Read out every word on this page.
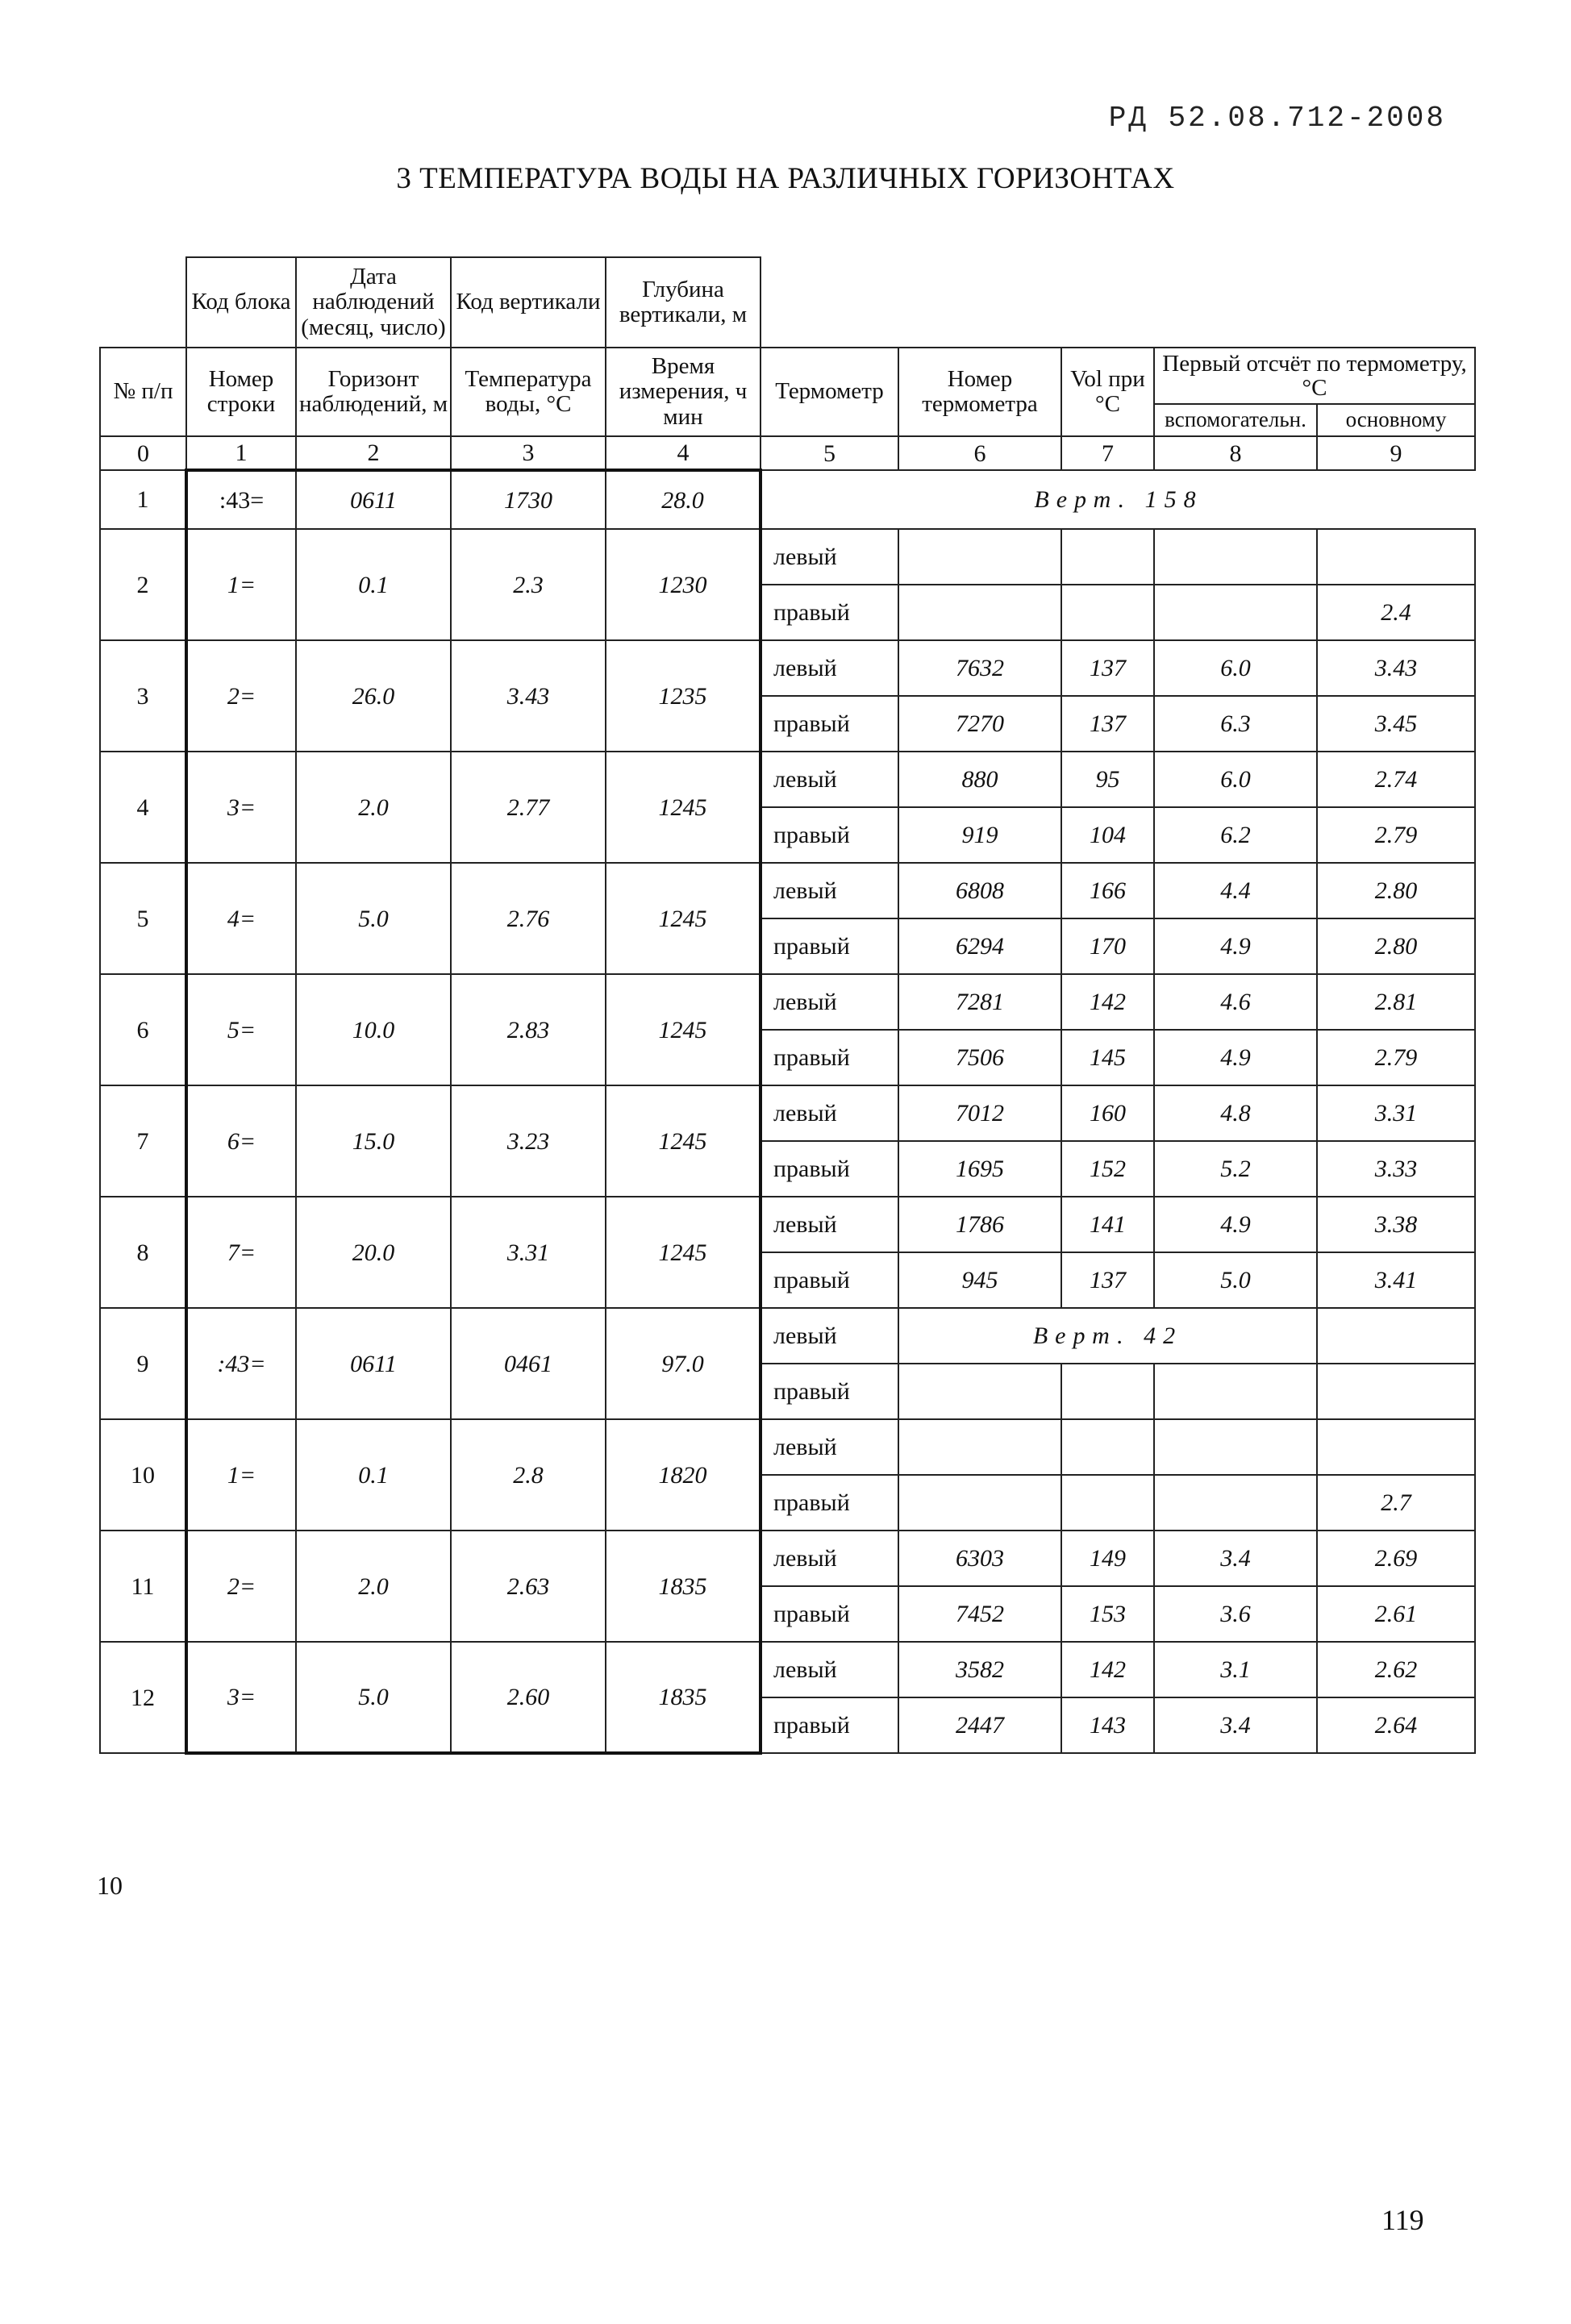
РД 52.08.712-2008
3 ТЕМПЕРАТУРА ВОДЫ НА РАЗЛИЧНЫХ ГОРИЗОНТАХ
	Код блока	Дата наблюдений (месяц, число)	Код вертикали	Глубина вертикали, м					
№ п/п	Номер строки	Горизонт наблюдений, м	Температура воды, °С	Время измерения, ч мин	Термометр	Номер термометра	Vol при °С	Первый отсчёт по термометру, °С	
								вспомогательн.	основному
0	1	2	3	4	5	6	7	8	9
1	:43=	0611	1730	28.0	Верт. 158				
2	1=	0.1	2.3	1230	левый				
					правый				2.4
3	2=	26.0	3.43	1235	левый	7632	137	6.0	3.43
					правый	7270	137	6.3	3.45
4	3=	2.0	2.77	1245	левый	880	95	6.0	2.74
					правый	919	104	6.2	2.79
5	4=	5.0	2.76	1245	левый	6808	166	4.4	2.80
					правый	6294	170	4.9	2.80
6	5=	10.0	2.83	1245	левый	7281	142	4.6	2.81
					правый	7506	145	4.9	2.79
7	6=	15.0	3.23	1245	левый	7012	160	4.8	3.31
					правый	1695	152	5.2	3.33
8	7=	20.0	3.31	1245	левый	1786	141	4.9	3.38
					правый	945	137	5.0	3.41
9	:43=	0611	0461	97.0	левый	Верт. 42			
					правый				
10	1=	0.1	2.8	1820	левый				
					правый				2.7
11	2=	2.0	2.63	1835	левый	6303	149	3.4	2.69
					правый	7452	153	3.6	2.61
12	3=	5.0	2.60	1835	левый	3582	142	3.1	2.62
					правый	2447	143	3.4	2.64
10
119
